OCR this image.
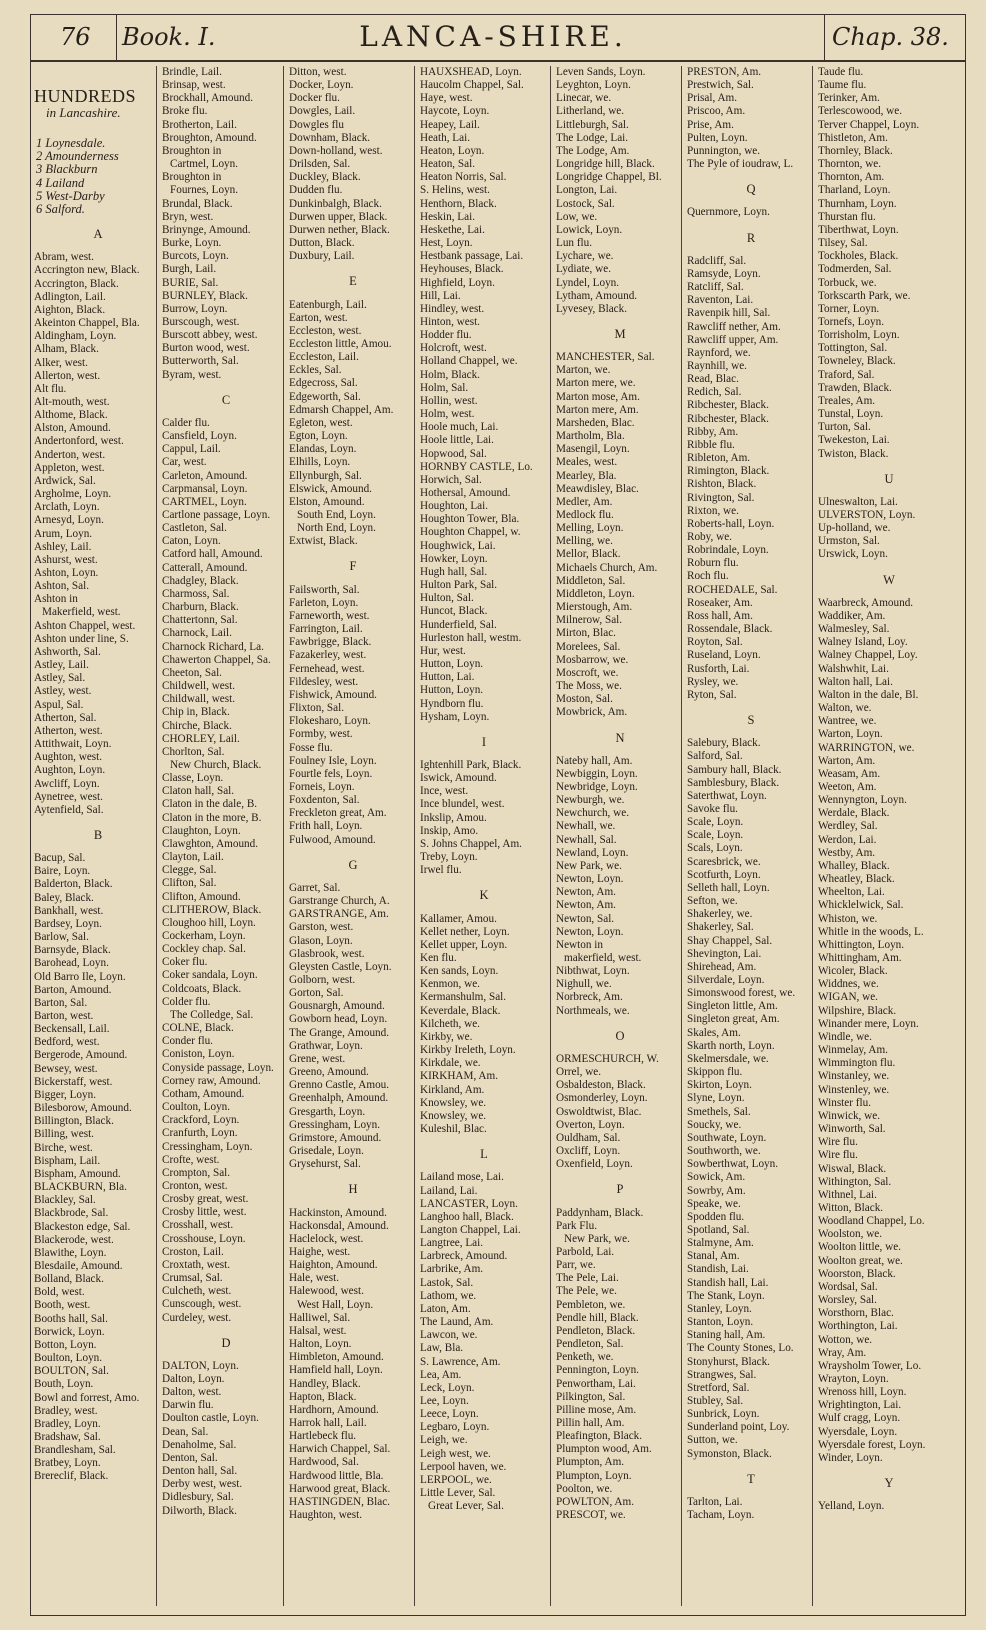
76 Book. I.	LANCA-SHIRE.	Chap. 38.
HUNDREDS
in Lancashire.
1 Loynesdale.
2 Amounderness
3 Blackburn
4 Lailand
5 West-Darby
6 Salford.
A
Abram, west.
Accrington new, Black.
Accrington, Black.
Adlington, Lail.
Aighton, Black.
Akeinton Chappel, Bla.
Aldingham, Loyn.
Alham, Black.
Alker, west.
Allerton, west.
Alt flu.
Alt-mouth, west.
Althome, Black.
Alston, Amound.
Andertonford, west.
Anderton, west.
Appleton, west.
Ardwick, Sal.
Argholme, Loyn.
Arclath, Loyn.
Arnesyd, Loyn.
Arum, Loyn.
Ashley, Lail.
Ashurst, west.
Ashton, Loyn.
Ashton, Sal.
Ashton in
Makerfield, west.
Ashton Chappel, west.
Ashton under line, S.
Ashworth, Sal.
Astley, Lail.
Astley, Sal.
Astley, west.
Aspul, Sal.
Atherton, Sal.
Atherton, west.
Attithwait, Loyn.
Aughton, west.
Aughton, Loyn.
Awcliff, Loyn.
Aynetree, west.
Aytenfield, Sal.
B
Bacup, Sal.
Baire, Loyn.
Balderton, Black.
Baley, Black.
Bankhall, west.
Bardsey, Loyn.
Barlow, Sal.
Barnsyde, Black.
Barohead, Loyn.
Old Barro Ile, Loyn.
Barton, Amound.
Barton, Sal.
Barton, west.
Beckensall, Lail.
Bedford, west.
Bergerode, Amound.
Bewsey, west.
Bickerstaff, west.
Bigger, Loyn.
Bilesborow, Amound.
Billington, Black.
Billing, west.
Birche, west.
Bispham, Lail.
Bispham, Amound.
BLACKBURN, Bla.
Blackley, Sal.
Blackbrode, Sal.
Blackeston edge, Sal.
Blackerode, west.
Blawithe, Loyn.
Blesdaile, Amound.
Bolland, Black.
Bold, west.
Booth, west.
Booths hall, Sal.
Borwick, Loyn.
Botton, Loyn.
Boulton, Loyn.
BOULTON, Sal.
Bouth, Loyn.
Bowl and forrest, Amo.
Bradley, west.
Bradley, Loyn.
Bradshaw, Sal.
Brandlesham, Sal.
Bratbey, Loyn.
Brereclif, Black.
Brindle, Lail.
Brinsap, west.
Brockhall, Amound.
Broke flu.
Brotherton, Lail.
Broughton, Amound.
Broughton in
Cartmel, Loyn.
Broughton in
Fournes, Loyn.
Brundal, Black.
Bryn, west.
Brinynge, Amound.
Burke, Loyn.
Burcots, Loyn.
Burgh, Lail.
BURIE, Sal.
BURNLEY, Black.
Burrow, Loyn.
Burscough, west.
Burscott abbey, west.
Burton wood, west.
Butterworth, Sal.
Byram, west.
C
Calder flu.
Cansfield, Loyn.
Cappul, Lail.
Car, west.
Carleton, Amound.
Carpmansal, Loyn.
CARTMEL, Loyn.
Cartlone passage, Loyn.
Castleton, Sal.
Caton, Loyn.
Catford hall, Amound.
Catterall, Amound.
Chadgley, Black.
Charmoss, Sal.
Charburn, Black.
Chattertonn, Sal.
Charnock, Lail.
Charnock Richard, La.
Chawerton Chappel, Sa.
Cheeton, Sal.
Childwell, west.
Childwall, west.
Chip in, Black.
Chirche, Black.
CHORLEY, Lail.
Chorlton, Sal.
New Church, Black.
Classe, Loyn.
Claton hall, Sal.
Claton in the dale, B.
Claton in the more, B.
Claughton, Loyn.
Clawghton, Amound.
Clayton, Lail.
Clegge, Sal.
Clifton, Sal.
Clifton, Amound.
CLITHEROW, Black.
Cloughoo hill, Loyn.
Cockerham, Loyn.
Cockley chap. Sal.
Coker flu.
Coker sandala, Loyn.
Coldcoats, Black.
Colder flu.
The Colledge, Sal.
COLNE, Black.
Conder flu.
Coniston, Loyn.
Conyside passage, Loyn.
Corney raw, Amound.
Cotham, Amound.
Coulton, Loyn.
Crackford, Loyn.
Cranfurth, Loyn.
Cressingham, Loyn.
Crofte, west.
Crompton, Sal.
Cronton, west.
Crosby great, west.
Crosby little, west.
Crosshall, west.
Crosshouse, Loyn.
Croston, Lail.
Croxtath, west.
Crumsal, Sal.
Culcheth, west.
Cunscough, west.
Curdeley, west.
D
DALTON, Loyn.
Dalton, Loyn.
Dalton, west.
Darwin flu.
Doulton castle, Loyn.
Dean, Sal.
Denaholme, Sal.
Denton, Sal.
Denton hall, Sal.
Derby west, west.
Didlesbury, Sal.
Dilworth, Black.
Ditton, west.
Docker, Loyn.
Docker flu.
Dowgles, Lail.
Dowgles flu
Downham, Black.
Down-holland, west.
Drilsden, Sal.
Duckley, Black.
Dudden flu.
Dunkinbalgh, Black.
Durwen upper, Black.
Durwen nether, Black.
Dutton, Black.
Duxbury, Lail.
E
Eatenburgh, Lail.
Earton, west.
Eccleston, west.
Eccleston little, Amou.
Eccleston, Lail.
Eckles, Sal.
Edgecross, Sal.
Edgeworth, Sal.
Edmarsh Chappel, Am.
Egleton, west.
Egton, Loyn.
Elandas, Loyn.
Elhills, Loyn.
Ellynburgh, Sal.
Elswick, Amound.
Elston, Amound.
South End, Loyn.
North End, Loyn.
Extwist, Black.
F
Failsworth, Sal.
Farleton, Loyn.
Farneworth, west.
Farrington, Lail.
Fawbrigge, Black.
Fazakerley, west.
Fernehead, west.
Fildesley, west.
Fishwick, Amound.
Flixton, Sal.
Flokesharo, Loyn.
Formby, west.
Fosse flu.
Foulney Isle, Loyn.
Fourtle fels, Loyn.
Forneis, Loyn.
Foxdenton, Sal.
Freckleton great, Am.
Frith hall, Loyn.
Fulwood, Amound.
G
Garret, Sal.
Garstrange Church, A.
GARSTRANGE, Am.
Garston, west.
Glason, Loyn.
Glasbrook, west.
Gleysten Castle, Loyn.
Golborn, west.
Gorton, Sal.
Gousnargh, Amound.
Gowborn head, Loyn.
The Grange, Amound.
Grathwar, Loyn.
Grene, west.
Greeno, Amound.
Grenno Castle, Amou.
Greenhalph, Amound.
Gresgarth, Loyn.
Gressingham, Loyn.
Grimstore, Amound.
Grisedale, Loyn.
Grysehurst, Sal.
H
Hackinston, Amound.
Hackonsdal, Amound.
Haclelock, west.
Haighe, west.
Haighton, Amound.
Hale, west.
Halewood, west.
West Hall, Loyn.
Halliwel, Sal.
Halsal, west.
Halton, Loyn.
Himbleton, Amound.
Hamfield hall, Loyn.
Handley, Black.
Hapton, Black.
Hardhorn, Amound.
Harrok hall, Lail.
Hartlebeck flu.
Harwich Chappel, Sal.
Hardwood, Sal.
Hardwood little, Bla.
Harwood great, Black.
HASTINGDEN, Blac.
Haughton, west.
HAUXSHEAD, Loyn.
Haucolm Chappel, Sal.
Haye, west.
Haycote, Loyn.
Heapey, Lail.
Heath, Lai.
Heaton, Loyn.
Heaton, Sal.
Heaton Norris, Sal.
S. Helins, west.
Henthorn, Black.
Heskin, Lai.
Heskethe, Lai.
Hest, Loyn.
Hestbank passage, Lai.
Heyhouses, Black.
Highfield, Loyn.
Hill, Lai.
Hindley, west.
Hinton, west.
Hodder flu.
Holcroft, west.
Holland Chappel, we.
Holm, Black.
Holm, Sal.
Hollin, west.
Holm, west.
Hoole much, Lai.
Hoole little, Lai.
Hopwood, Sal.
HORNBY CASTLE, Lo.
Horwich, Sal.
Hothersal, Amound.
Houghton, Lai.
Houghton Tower, Bla.
Houghton Chappel, w.
Houghwick, Lai.
Howker, Loyn.
Hugh hall, Sal.
Hulton Park, Sal.
Hulton, Sal.
Huncot, Black.
Hunderfield, Sal.
Hurleston hall, westm.
Hur, west.
Hutton, Loyn.
Hutton, Lai.
Hutton, Loyn.
Hyndborn flu.
Hysham, Loyn.
I
Ightenhill Park, Black.
Iswick, Amound.
Ince, west.
Ince blundel, west.
Inkslip, Amou.
Inskip, Amo.
S. Johns Chappel, Am.
Treby, Loyn.
Irwel flu.
K
Kallamer, Amou.
Kellet nether, Loyn.
Kellet upper, Loyn.
Ken flu.
Ken sands, Loyn.
Kenmon, we.
Kermanshulm, Sal.
Keverdale, Black.
Kilcheth, we.
Kirkby, we.
Kirkby Ireleth, Loyn.
Kirkdale, we.
KIRKHAM, Am.
Kirkland, Am.
Knowsley, we.
Knowsley, we.
Kuleshil, Blac.
L
Lailand mose, Lai.
Lailand, Lai.
LANCASTER, Loyn.
Langhoo hall, Black.
Langton Chappel, Lai.
Langtree, Lai.
Larbreck, Amound.
Larbrike, Am.
Lastok, Sal.
Lathom, we.
Laton, Am.
The Laund, Am.
Lawcon, we.
Law, Bla.
S. Lawrence, Am.
Lea, Am.
Leck, Loyn.
Lee, Loyn.
Leece, Loyn.
Legbaro, Loyn.
Leigh, we.
Leigh west, we.
Lerpool haven, we.
LERPOOL, we.
Little Lever, Sal.
Great Lever, Sal.
Leven Sands, Loyn.
Leyghton, Loyn.
Linecar, we.
Litherland, we.
Littleburgh, Sal.
The Lodge, Lai.
The Lodge, Am.
Longridge hill, Black.
Longridge Chappel, Bl.
Longton, Lai.
Lostock, Sal.
Low, we.
Lowick, Loyn.
Lun flu.
Lychare, we.
Lydiate, we.
Lyndel, Loyn.
Lytham, Amound.
Lyvesey, Black.
M
MANCHESTER, Sal.
Marton, we.
Marton mere, we.
Marton mose, Am.
Marton mere, Am.
Marsheden, Blac.
Martholm, Bla.
Masengil, Loyn.
Meales, west.
Mearley, Bla.
Meawdisley, Blac.
Medler, Am.
Medlock flu.
Melling, Loyn.
Melling, we.
Mellor, Black.
Michaels Church, Am.
Middleton, Sal.
Middleton, Loyn.
Mierstough, Am.
Milnerow, Sal.
Mirton, Blac.
Morelees, Sal.
Mosbarrow, we.
Moscroft, we.
The Moss, we.
Moston, Sal.
Mowbrick, Am.
N
Nateby hall, Am.
Newbiggin, Loyn.
Newbridge, Loyn.
Newburgh, we.
Newchurch, we.
Newhall, we.
Newhall, Sal.
Newland, Loyn.
New Park, we.
Newton, Loyn.
Newton, Am.
Newton, Am.
Newton, Sal.
Newton, Loyn.
Newton in
makerfield, west.
Nibthwat, Loyn.
Nighull, we.
Norbreck, Am.
Northmeals, we.
O
ORMESCHURCH, W.
Orrel, we.
Osbaldeston, Black.
Osmonderley, Loyn.
Oswoldtwist, Blac.
Overton, Loyn.
Ouldham, Sal.
Oxcliff, Loyn.
Oxenfield, Loyn.
P
Paddynham, Black.
Park Flu.
New Park, we.
Parbold, Lai.
Parr, we.
The Pele, Lai.
The Pele, we.
Pembleton, we.
Pendle hill, Black.
Pendleton, Black.
Pendleton, Sal.
Penketh, we.
Pennington, Loyn.
Penwortham, Lai.
Pilkington, Sal.
Pilline mose, Am.
Pillin hall, Am.
Pleafington, Black.
Plumpton wood, Am.
Plumpton, Am.
Plumpton, Loyn.
Poolton, we.
POWLTON, Am.
PRESCOT, we.
PRESTON, Am.
Prestwich, Sal.
Prisal, Am.
Priscoo, Am.
Prise, Am.
Pulten, Loyn.
Punnington, we.
The Pyle of ioudraw, L.
Q
Quernmore, Loyn.
R
Radcliff, Sal.
Ramsyde, Loyn.
Ratcliff, Sal.
Raventon, Lai.
Ravenpik hill, Sal.
Rawcliff nether, Am.
Rawcliff upper, Am.
Raynford, we.
Raynhill, we.
Read, Blac.
Redich, Sal.
Ribchester, Black.
Ribchester, Black.
Ribby, Am.
Ribble flu.
Ribleton, Am.
Rimington, Black.
Rishton, Black.
Rivington, Sal.
Rixton, we.
Roberts-hall, Loyn.
Roby, we.
Robrindale, Loyn.
Roburn flu.
Roch flu.
ROCHEDALE, Sal.
Roseaker, Am.
Ross hall, Am.
Rossendale, Black.
Royton, Sal.
Ruseland, Loyn.
Rusforth, Lai.
Rysley, we.
Ryton, Sal.
S
Salebury, Black.
Salford, Sal.
Sambury hall, Black.
Samblesbury, Black.
Saterthwat, Loyn.
Savoke flu.
Scale, Loyn.
Scale, Loyn.
Scals, Loyn.
Scaresbrick, we.
Scotfurth, Loyn.
Selleth hall, Loyn.
Sefton, we.
Shakerley, we.
Shakerley, Sal.
Shay Chappel, Sal.
Shevington, Lai.
Shirehead, Am.
Silverdale, Loyn.
Simonswood forest, we.
Singleton little, Am.
Singleton great, Am.
Skales, Am.
Skarth north, Loyn.
Skelmersdale, we.
Skippon flu.
Skirton, Loyn.
Slyne, Loyn.
Smethels, Sal.
Soucky, we.
Southwate, Loyn.
Southworth, we.
Sowberthwat, Loyn.
Sowick, Am.
Sowrby, Am.
Speake, we.
Spodden flu.
Spotland, Sal.
Stalmyne, Am.
Stanal, Am.
Standish, Lai.
Standish hall, Lai.
The Stank, Loyn.
Stanley, Loyn.
Stanton, Loyn.
Staning hall, Am.
The County Stones, Lo.
Stonyhurst, Black.
Strangwes, Sal.
Stretford, Sal.
Stubley, Sal.
Sunbrick, Loyn.
Sunderland point, Loy.
Sutton, we.
Symonston, Black.
T
Tarlton, Lai.
Tacham, Loyn.
Taude flu.
Taume flu.
Terinker, Am.
Terlescowood, we.
Terver Chappel, Loyn.
Thistleton, Am.
Thornley, Black.
Thornton, we.
Thornton, Am.
Tharland, Loyn.
Thurnham, Loyn.
Thurstan flu.
Tiberthwat, Loyn.
Tilsey, Sal.
Tockholes, Black.
Todmerden, Sal.
Torbuck, we.
Torkscarth Park, we.
Torner, Loyn.
Tornefs, Loyn.
Torrisholm, Loyn.
Tottington, Sal.
Towneley, Black.
Traford, Sal.
Trawden, Black.
Treales, Am.
Tunstal, Loyn.
Turton, Sal.
Twekeston, Lai.
Twiston, Black.
U
Ulneswalton, Lai.
ULVERSTON, Loyn.
Up-holland, we.
Urmston, Sal.
Urswick, Loyn.
W
Waarbreck, Amound.
Waddiker, Am.
Walmesley, Sal.
Walney Island, Loy.
Walney Chappel, Loy.
Walshwhit, Lai.
Walton hall, Lai.
Walton in the dale, Bl.
Walton, we.
Wantree, we.
Warton, Loyn.
WARRINGTON, we.
Warton, Am.
Weasam, Am.
Weeton, Am.
Wennyngton, Loyn.
Werdale, Black.
Werdley, Sal.
Werdon, Lai.
Westby, Am.
Whalley, Black.
Wheatley, Black.
Wheelton, Lai.
Whicklelwick, Sal.
Whiston, we.
Whitle in the woods, L.
Whittington, Loyn.
Whittingham, Am.
Wicoler, Black.
Widdnes, we.
WIGAN, we.
Wilpshire, Black.
Winander mere, Loyn.
Windle, we.
Winmelay, Am.
Wimmington flu.
Winstanley, we.
Winstenley, we.
Winster flu.
Winwick, we.
Winworth, Sal.
Wire flu.
Wire flu.
Wiswal, Black.
Withington, Sal.
Withnel, Lai.
Witton, Black.
Woodland Chappel, Lo.
Woolston, we.
Woolton little, we.
Woolton great, we.
Woorston, Black.
Wordsal, Sal.
Worsley, Sal.
Worsthorn, Blac.
Worthington, Lai.
Wotton, we.
Wray, Am.
Wraysholm Tower, Lo.
Wrayton, Loyn.
Wrenoss hill, Loyn.
Wrightington, Lai.
Wulf cragg, Loyn.
Wyersdale, Loyn.
Wyersdale forest, Loyn.
Winder, Loyn.
Y
Yelland, Loyn.
